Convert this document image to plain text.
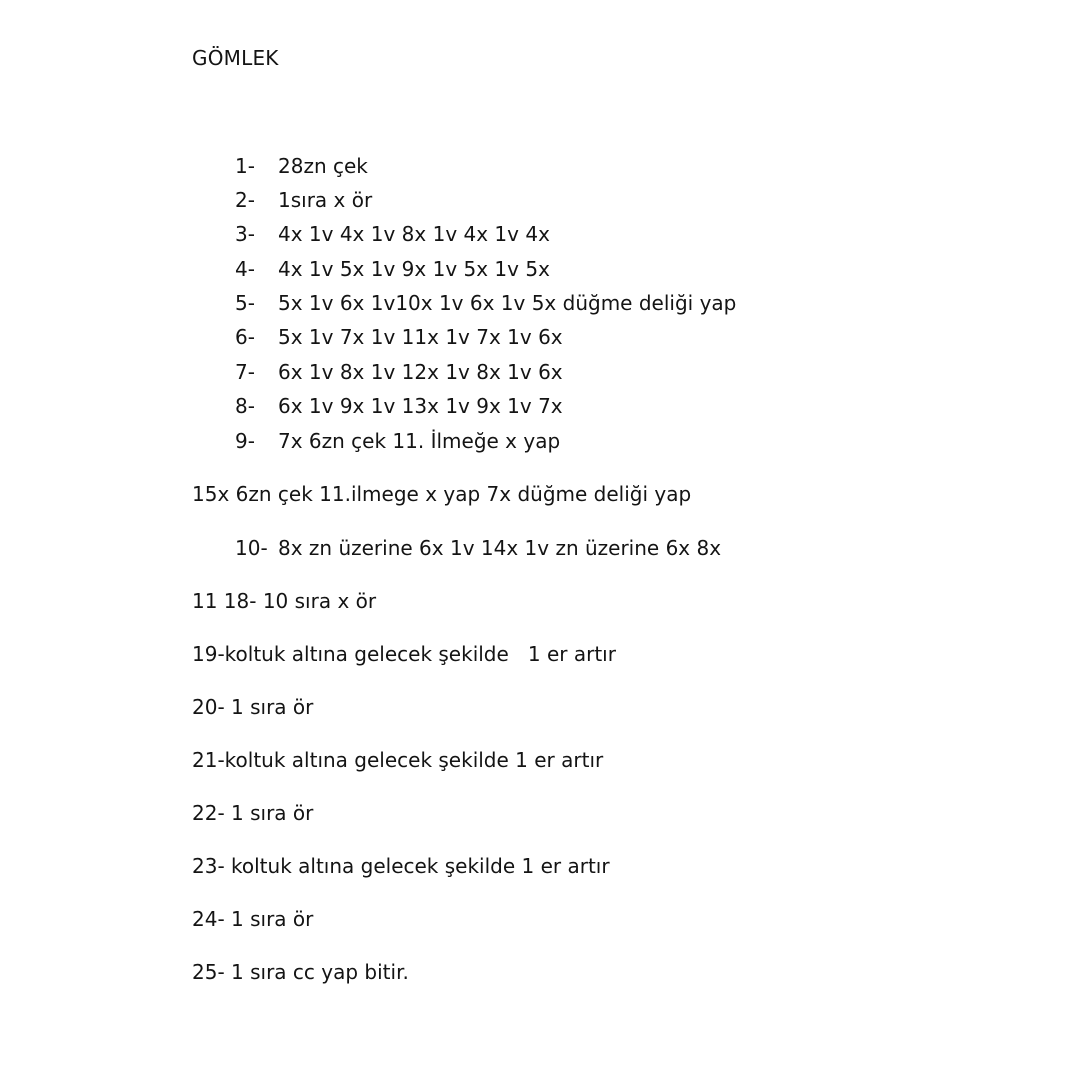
GÖMLEK
1- 28zn çek
2- 1sıra x ör
3- 4x 1v 4x 1v 8x 1v 4x 1v 4x
4- 4x 1v 5x 1v 9x 1v 5x 1v 5x
5- 5x 1v 6x 1v10x 1v 6x 1v 5x düğme deliği yap
6- 5x 1v 7x 1v 11x 1v 7x 1v 6x
7- 6x 1v 8x 1v 12x 1v 8x 1v 6x
8- 6x 1v 9x 1v 13x 1v 9x 1v 7x
9- 7x 6zn çek 11. İlmeğe x yap
15x 6zn çek 11.ilmege x yap 7x düğme deliği yap
10- 8x zn üzerine 6x 1v 14x 1v zn üzerine 6x 8x
11 18- 10 sıra x ör
19-koltuk altına gelecek şekilde   1 er artır
20- 1 sıra ör
21-koltuk altına gelecek şekilde 1 er artır
22- 1 sıra ör
23- koltuk altına gelecek şekilde 1 er artır
24- 1 sıra ör
25- 1 sıra cc yap bitir.
